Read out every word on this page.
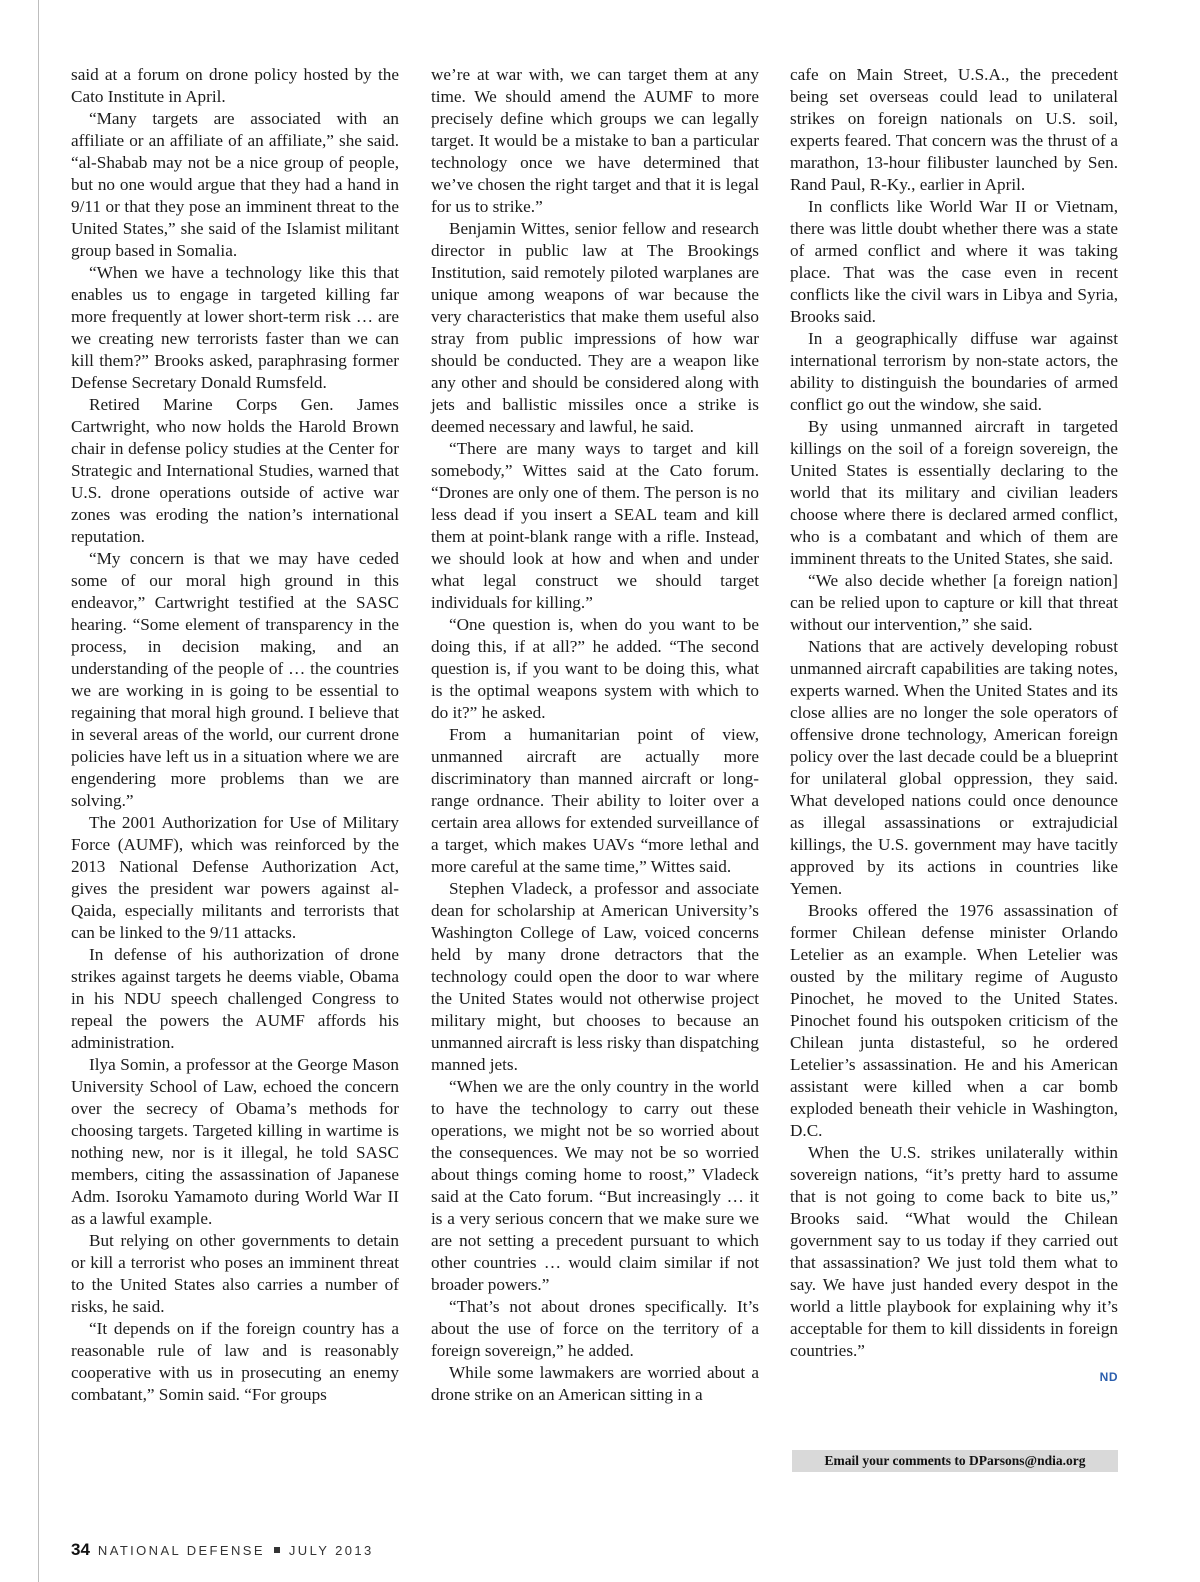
said at a forum on drone policy hosted by the Cato Institute in April.

“Many targets are associated with an affiliate or an affiliate of an affiliate,” she said. “al-Shabab may not be a nice group of people, but no one would argue that they had a hand in 9/11 or that they pose an imminent threat to the United States,” she said of the Islamist militant group based in Somalia.

“When we have a technology like this that enables us to engage in targeted killing far more frequently at lower short-term risk … are we creating new terrorists faster than we can kill them?” Brooks asked, paraphrasing former Defense Secretary Donald Rumsfeld.

Retired Marine Corps Gen. James Cartwright, who now holds the Harold Brown chair in defense policy studies at the Center for Strategic and International Studies, warned that U.S. drone operations outside of active war zones was eroding the nation’s international reputation.

“My concern is that we may have ceded some of our moral high ground in this endeavor,” Cartwright testified at the SASC hearing. “Some element of transparency in the process, in decision making, and an understanding of the people of … the countries we are working in is going to be essential to regaining that moral high ground. I believe that in several areas of the world, our current drone policies have left us in a situation where we are engendering more problems than we are solving.”

The 2001 Authorization for Use of Military Force (AUMF), which was reinforced by the 2013 National Defense Authorization Act, gives the president war powers against al-Qaida, especially militants and terrorists that can be linked to the 9/11 attacks.

In defense of his authorization of drone strikes against targets he deems viable, Obama in his NDU speech challenged Congress to repeal the powers the AUMF affords his administration.

Ilya Somin, a professor at the George Mason University School of Law, echoed the concern over the secrecy of Obama’s methods for choosing targets. Targeted killing in wartime is nothing new, nor is it illegal, he told SASC members, citing the assassination of Japanese Adm. Isoroku Yamamoto during World War II as a lawful example.

But relying on other governments to detain or kill a terrorist who poses an imminent threat to the United States also carries a number of risks, he said.

“It depends on if the foreign country has a reasonable rule of law and is reasonably cooperative with us in prosecuting an enemy combatant,” Somin said. “For groups

we’re at war with, we can target them at any time. We should amend the AUMF to more precisely define which groups we can legally target. It would be a mistake to ban a particular technology once we have determined that we’ve chosen the right target and that it is legal for us to strike.”

Benjamin Wittes, senior fellow and research director in public law at The Brookings Institution, said remotely piloted warplanes are unique among weapons of war because the very characteristics that make them useful also stray from public impressions of how war should be conducted. They are a weapon like any other and should be considered along with jets and ballistic missiles once a strike is deemed necessary and lawful, he said.

“There are many ways to target and kill somebody,” Wittes said at the Cato forum. “Drones are only one of them. The person is no less dead if you insert a SEAL team and kill them at point-blank range with a rifle. Instead, we should look at how and when and under what legal construct we should target individuals for killing.”

“One question is, when do you want to be doing this, if at all?” he added. “The second question is, if you want to be doing this, what is the optimal weapons system with which to do it?” he asked.

From a humanitarian point of view, unmanned aircraft are actually more discriminatory than manned aircraft or long-range ordnance. Their ability to loiter over a certain area allows for extended surveillance of a target, which makes UAVs “more lethal and more careful at the same time,” Wittes said.

Stephen Vladeck, a professor and associate dean for scholarship at American University’s Washington College of Law, voiced concerns held by many drone detractors that the technology could open the door to war where the United States would not otherwise project military might, but chooses to because an unmanned aircraft is less risky than dispatching manned jets.

“When we are the only country in the world to have the technology to carry out these operations, we might not be so worried about the consequences. We may not be so worried about things coming home to roost,” Vladeck said at the Cato forum. “But increasingly … it is a very serious concern that we make sure we are not setting a precedent pursuant to which other countries … would claim similar if not broader powers.”

“That’s not about drones specifically. It’s about the use of force on the territory of a foreign sovereign,” he added.

While some lawmakers are worried about a drone strike on an American sitting in a

cafe on Main Street, U.S.A., the precedent being set overseas could lead to unilateral strikes on foreign nationals on U.S. soil, experts feared. That concern was the thrust of a marathon, 13-hour filibuster launched by Sen. Rand Paul, R-Ky., earlier in April.

In conflicts like World War II or Vietnam, there was little doubt whether there was a state of armed conflict and where it was taking place. That was the case even in recent conflicts like the civil wars in Libya and Syria, Brooks said.

In a geographically diffuse war against international terrorism by non-state actors, the ability to distinguish the boundaries of armed conflict go out the window, she said.

By using unmanned aircraft in targeted killings on the soil of a foreign sovereign, the United States is essentially declaring to the world that its military and civilian leaders choose where there is declared armed conflict, who is a combatant and which of them are imminent threats to the United States, she said.

“We also decide whether [a foreign nation] can be relied upon to capture or kill that threat without our intervention,” she said.

Nations that are actively developing robust unmanned aircraft capabilities are taking notes, experts warned. When the United States and its close allies are no longer the sole operators of offensive drone technology, American foreign policy over the last decade could be a blueprint for unilateral global oppression, they said. What developed nations could once denounce as illegal assassinations or extrajudicial killings, the U.S. government may have tacitly approved by its actions in countries like Yemen.

Brooks offered the 1976 assassination of former Chilean defense minister Orlando Letelier as an example. When Letelier was ousted by the military regime of Augusto Pinochet, he moved to the United States. Pinochet found his outspoken criticism of the Chilean junta distasteful, so he ordered Letelier’s assassination. He and his American assistant were killed when a car bomb exploded beneath their vehicle in Washington, D.C.

When the U.S. strikes unilaterally within sovereign nations, “it’s pretty hard to assume that is not going to come back to bite us,” Brooks said. “What would the Chilean government say to us today if they carried out that assassination? We just told them what to say. We have just handed every despot in the world a little playbook for explaining why it’s acceptable for them to kill dissidents in foreign countries.”

ND
Email your comments to DParsons@ndia.org
34 NATIONAL DEFENSE JULY 2013
